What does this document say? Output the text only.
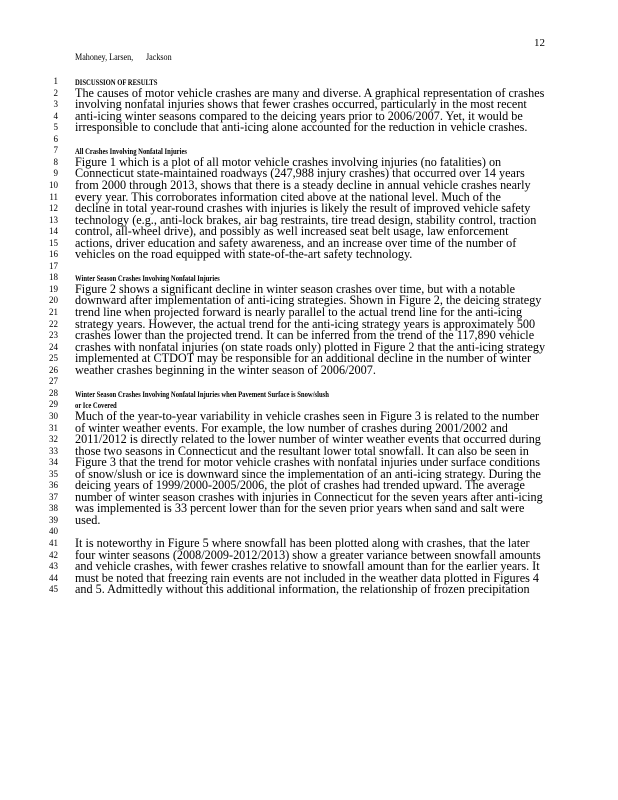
12
Mahoney, Larsen, Jackson
1 DISCUSSION OF RESULTS
2 The causes of motor vehicle crashes are many and diverse. A graphical representation of crashes
3 involving nonfatal injuries shows that fewer crashes occurred, particularly in the most recent
4 anti-icing winter seasons compared to the deicing years prior to 2006/2007. Yet, it would be
5 irresponsible to conclude that anti-icing alone accounted for the reduction in vehicle crashes.
6
7 All Crashes Involving Nonfatal Injuries
8 Figure 1 which is a plot of all motor vehicle crashes involving injuries (no fatalities) on
9 Connecticut state-maintained roadways (247,988 injury crashes) that occurred over 14 years
10 from 2000 through 2013, shows that there is a steady decline in annual vehicle crashes nearly
11 every year. This corroborates information cited above at the national level. Much of the
12 decline in total year-round crashes with injuries is likely the result of improved vehicle safety
13 technology (e.g., anti-lock brakes, air bag restraints, tire tread design, stability control, traction
14 control, all-wheel drive), and possibly as well increased seat belt usage, law enforcement
15 actions, driver education and safety awareness, and an increase over time of the number of
16 vehicles on the road equipped with state-of-the-art safety technology.
17
18 Winter Season Crashes Involving Nonfatal Injuries
19 Figure 2 shows a significant decline in winter season crashes over time, but with a notable
20 downward after implementation of anti-icing strategies. Shown in Figure 2, the deicing strategy
21 trend line when projected forward is nearly parallel to the actual trend line for the anti-icing
22 strategy years. However, the actual trend for the anti-icing strategy years is approximately 500
23 crashes lower than the projected trend. It can be inferred from the trend of the 117,890 vehicle
24 crashes with nonfatal injuries (on state roads only) plotted in Figure 2 that the anti-icing strategy
25 implemented at CTDOT may be responsible for an additional decline in the number of winter
26 weather crashes beginning in the winter season of 2006/2007.
27
28 Winter Season Crashes Involving Nonfatal Injuries when Pavement Surface is Snow/slush
29 or Ice Covered
30 Much of the year-to-year variability in vehicle crashes seen in Figure 3 is related to the number
31 of winter weather events. For example, the low number of crashes during 2001/2002 and
32 2011/2012 is directly related to the lower number of winter weather events that occurred during
33 those two seasons in Connecticut and the resultant lower total snowfall. It can also be seen in
34 Figure 3 that the trend for motor vehicle crashes with nonfatal injuries under surface conditions
35 of snow/slush or ice is downward since the implementation of an anti-icing strategy. During the
36 deicing years of 1999/2000-2005/2006, the plot of crashes had trended upward. The average
37 number of winter season crashes with injuries in Connecticut for the seven years after anti-icing
38 was implemented is 33 percent lower than for the seven prior years when sand and salt were
39 used.
40
41 It is noteworthy in Figure 5 where snowfall has been plotted along with crashes, that the later
42 four winter seasons (2008/2009-2012/2013) show a greater variance between snowfall amounts
43 and vehicle crashes, with fewer crashes relative to snowfall amount than for the earlier years. It
44 must be noted that freezing rain events are not included in the weather data plotted in Figures 4
45 and 5. Admittedly without this additional information, the relationship of frozen precipitation
